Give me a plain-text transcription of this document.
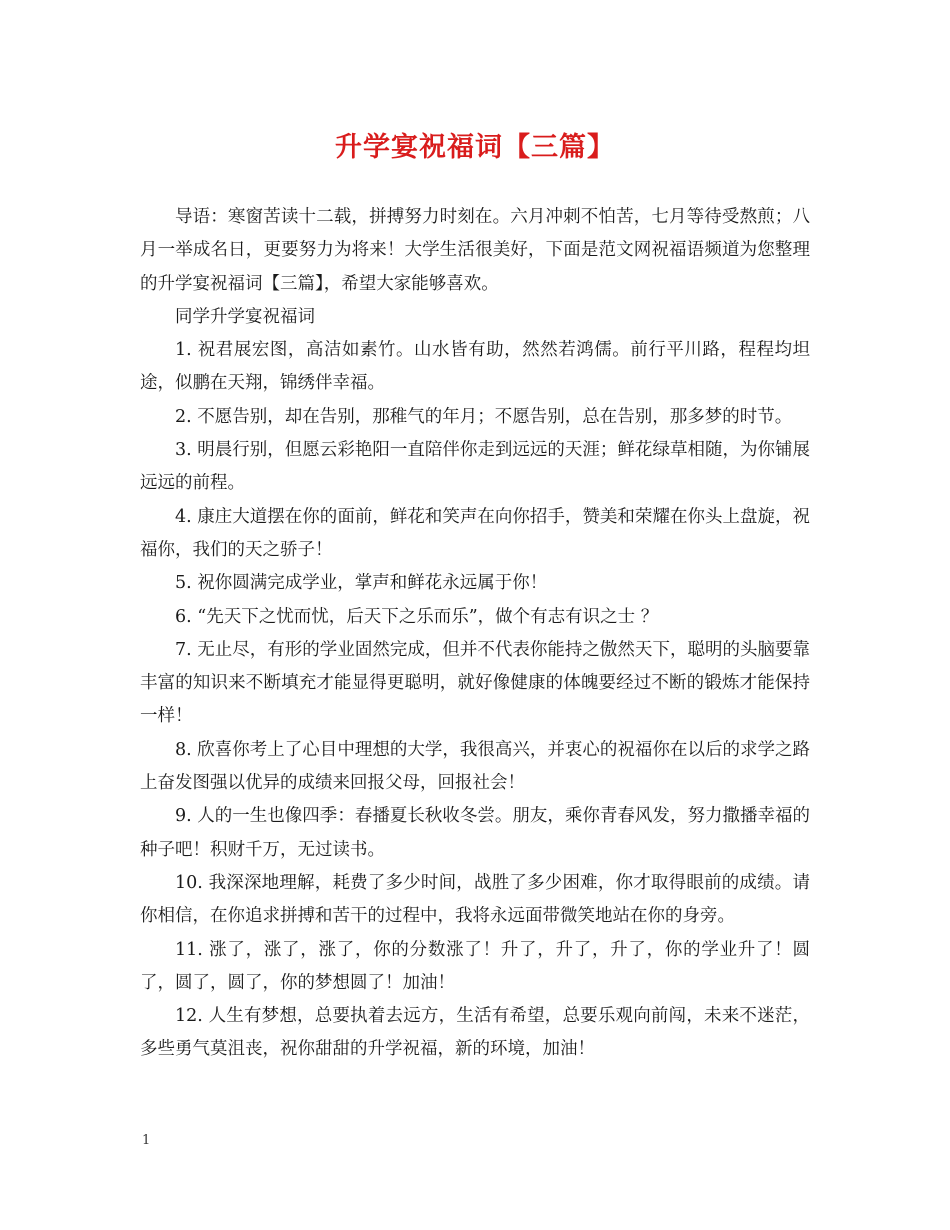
升学宴祝福词【三篇】

导语：寒窗苦读十二载，拼搏努力时刻在。六月冲刺不怕苦，七月等待受熬煎；八月一举成名日，更要努力为将来！大学生活很美好，下面是范文网祝福语频道为您整理的升学宴祝福词【三篇】，希望大家能够喜欢。

同学升学宴祝福词

1. 祝君展宏图，高洁如素竹。山水皆有助，然然若鸿儒。前行平川路，程程均坦途，似鹏在天翔，锦绣伴幸福。

2. 不愿告别，却在告别，那稚气的年月；不愿告别，总在告别，那多梦的时节。

3. 明晨行别，但愿云彩艳阳一直陪伴你走到远远的天涯；鲜花绿草相随，为你铺展远远的前程。

4. 康庄大道摆在你的面前，鲜花和笑声在向你招手，赞美和荣耀在你头上盘旋，祝福你，我们的天之骄子！

5. 祝你圆满完成学业，掌声和鲜花永远属于你！

6. “先天下之忧而忧，后天下之乐而乐”，做个有志有识之士 ？

7. 无止尽，有形的学业固然完成，但并不代表你能持之傲然天下，聪明的头脑要靠丰富的知识来不断填充才能显得更聪明，就好像健康的体魄要经过不断的锻炼才能保持一样！

8. 欣喜你考上了心目中理想的大学，我很高兴，并衷心的祝福你在以后的求学之路上奋发图强以优异的成绩来回报父母，回报社会！

9. 人的一生也像四季：春播夏长秋收冬尝。朋友，乘你青春风发，努力撒播幸福的种子吧！积财千万，无过读书。

10. 我深深地理解，耗费了多少时间，战胜了多少困难，你才取得眼前的成绩。请你相信，在你追求拼搏和苦干的过程中，我将永远面带微笑地站在你的身旁。

11. 涨了，涨了，涨了，你的分数涨了！升了，升了，升了，你的学业升了！圆了，圆了，圆了，你的梦想圆了！加油！

12. 人生有梦想，总要执着去远方，生活有希望，总要乐观向前闯，未来不迷茫，多些勇气莫沮丧，祝你甜甜的升学祝福，新的环境，加油！

1
